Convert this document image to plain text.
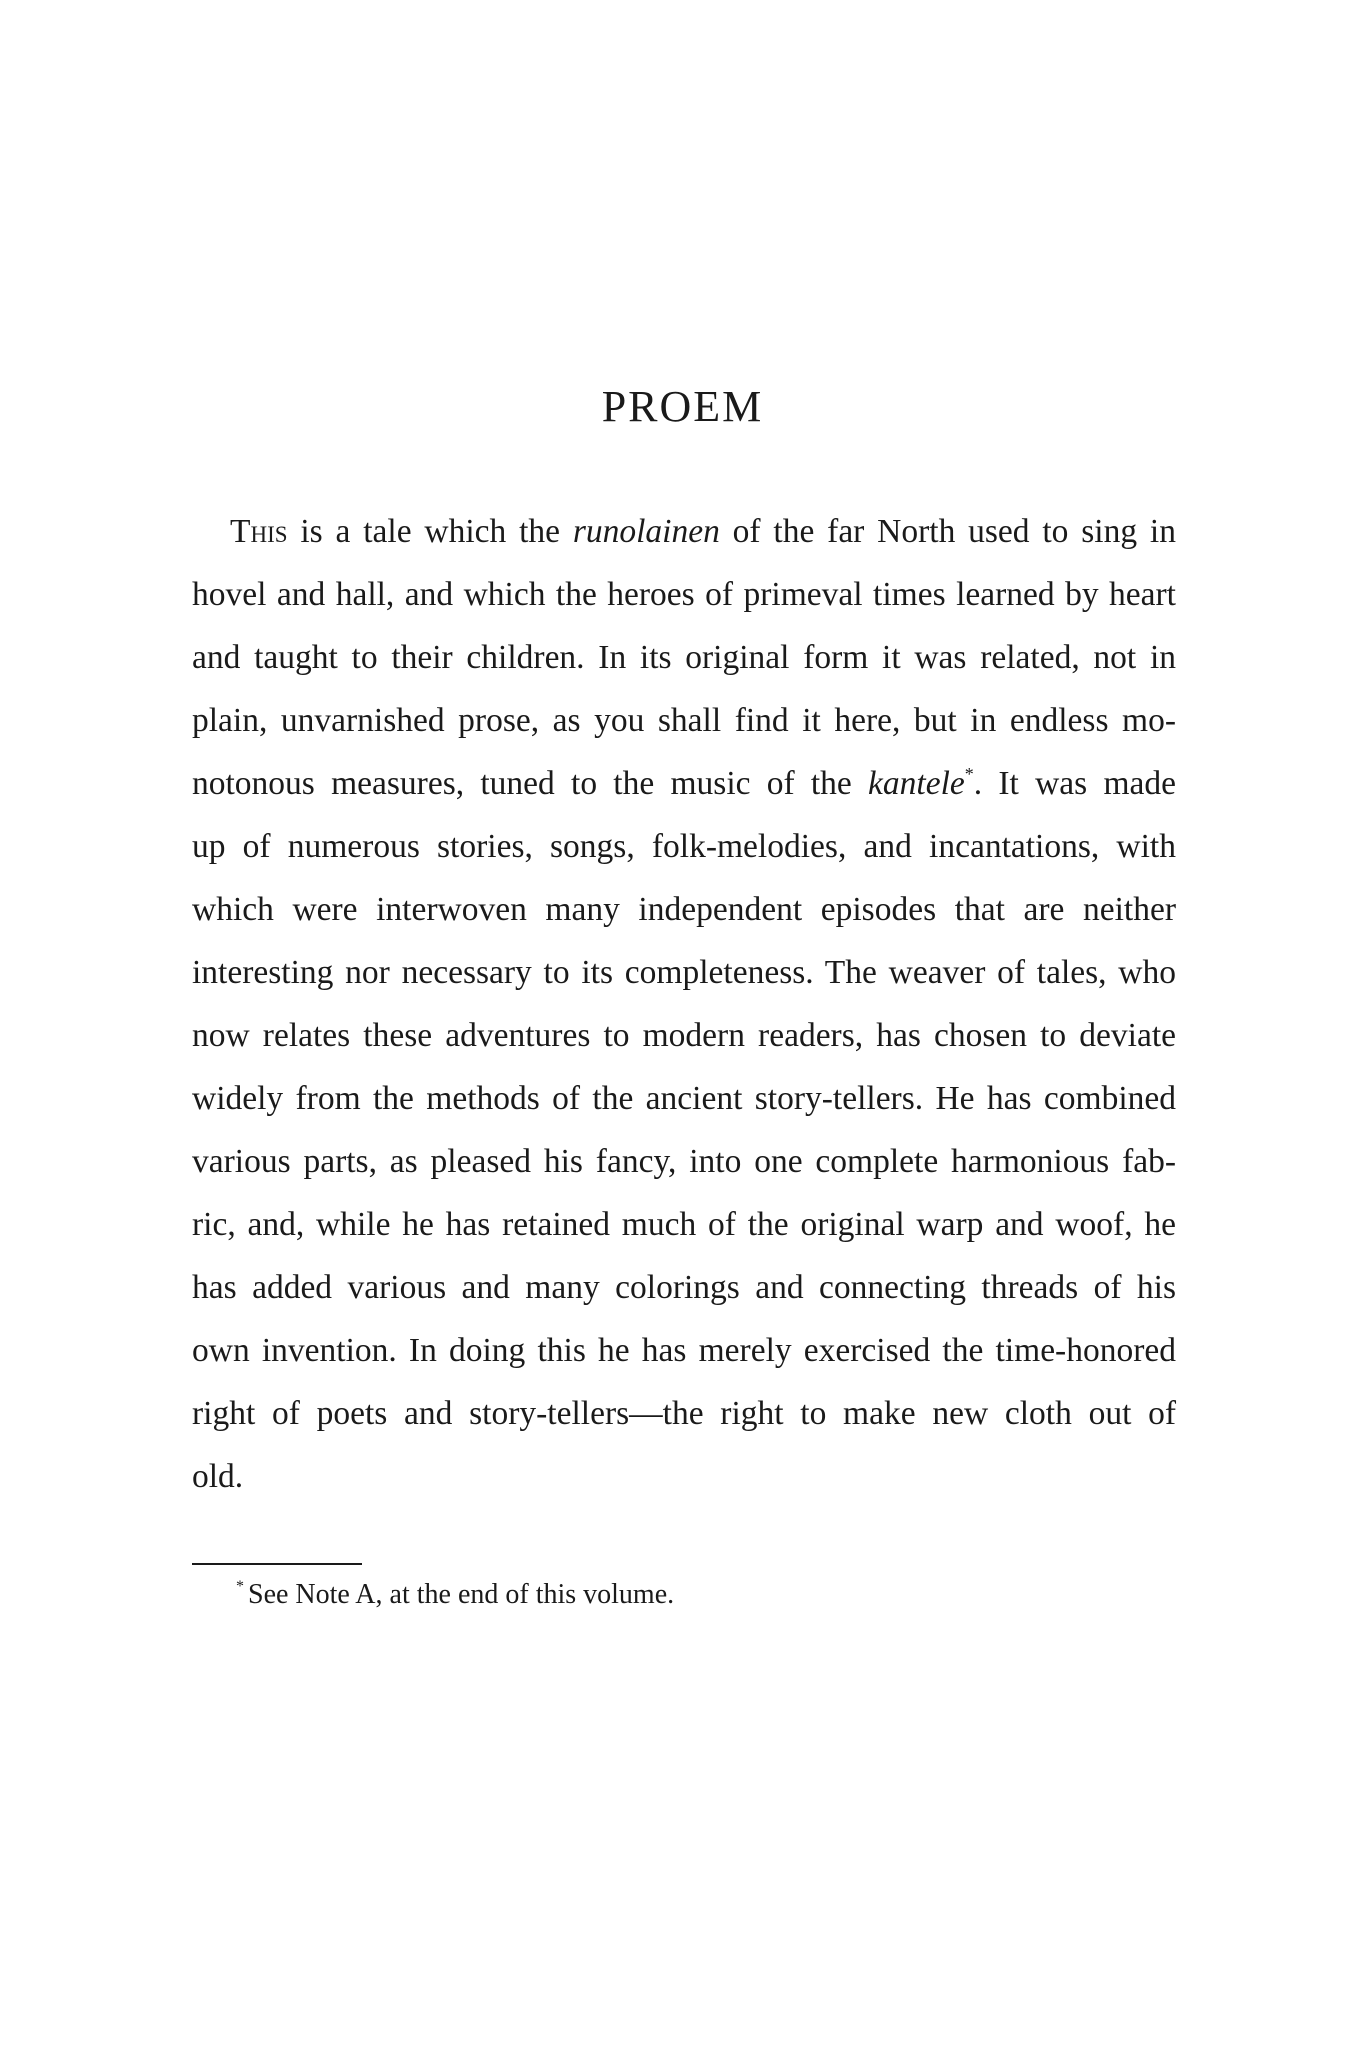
PROEM

This is a tale which the runolainen of the far North used to sing in
hovel and hall, and which the heroes of primeval times learned by heart
and taught to their children. In its original form it was related, not in
plain, unvarnished prose, as you shall find it here, but in endless mo-
notonous measures, tuned to the music of the kantele*. It was made
up of numerous stories, songs, folk-melodies, and incantations, with
which were interwoven many independent episodes that are neither
interesting nor necessary to its completeness. The weaver of tales, who
now relates these adventures to modern readers, has chosen to deviate
widely from the methods of the ancient story-tellers. He has combined
various parts, as pleased his fancy, into one complete harmonious fab-
ric, and, while he has retained much of the original warp and woof, he
has added various and many colorings and connecting threads of his
own invention. In doing this he has merely exercised the time-honored
right of poets and story-tellers—the right to make new cloth out of
old.

* See Note A, at the end of this volume.
